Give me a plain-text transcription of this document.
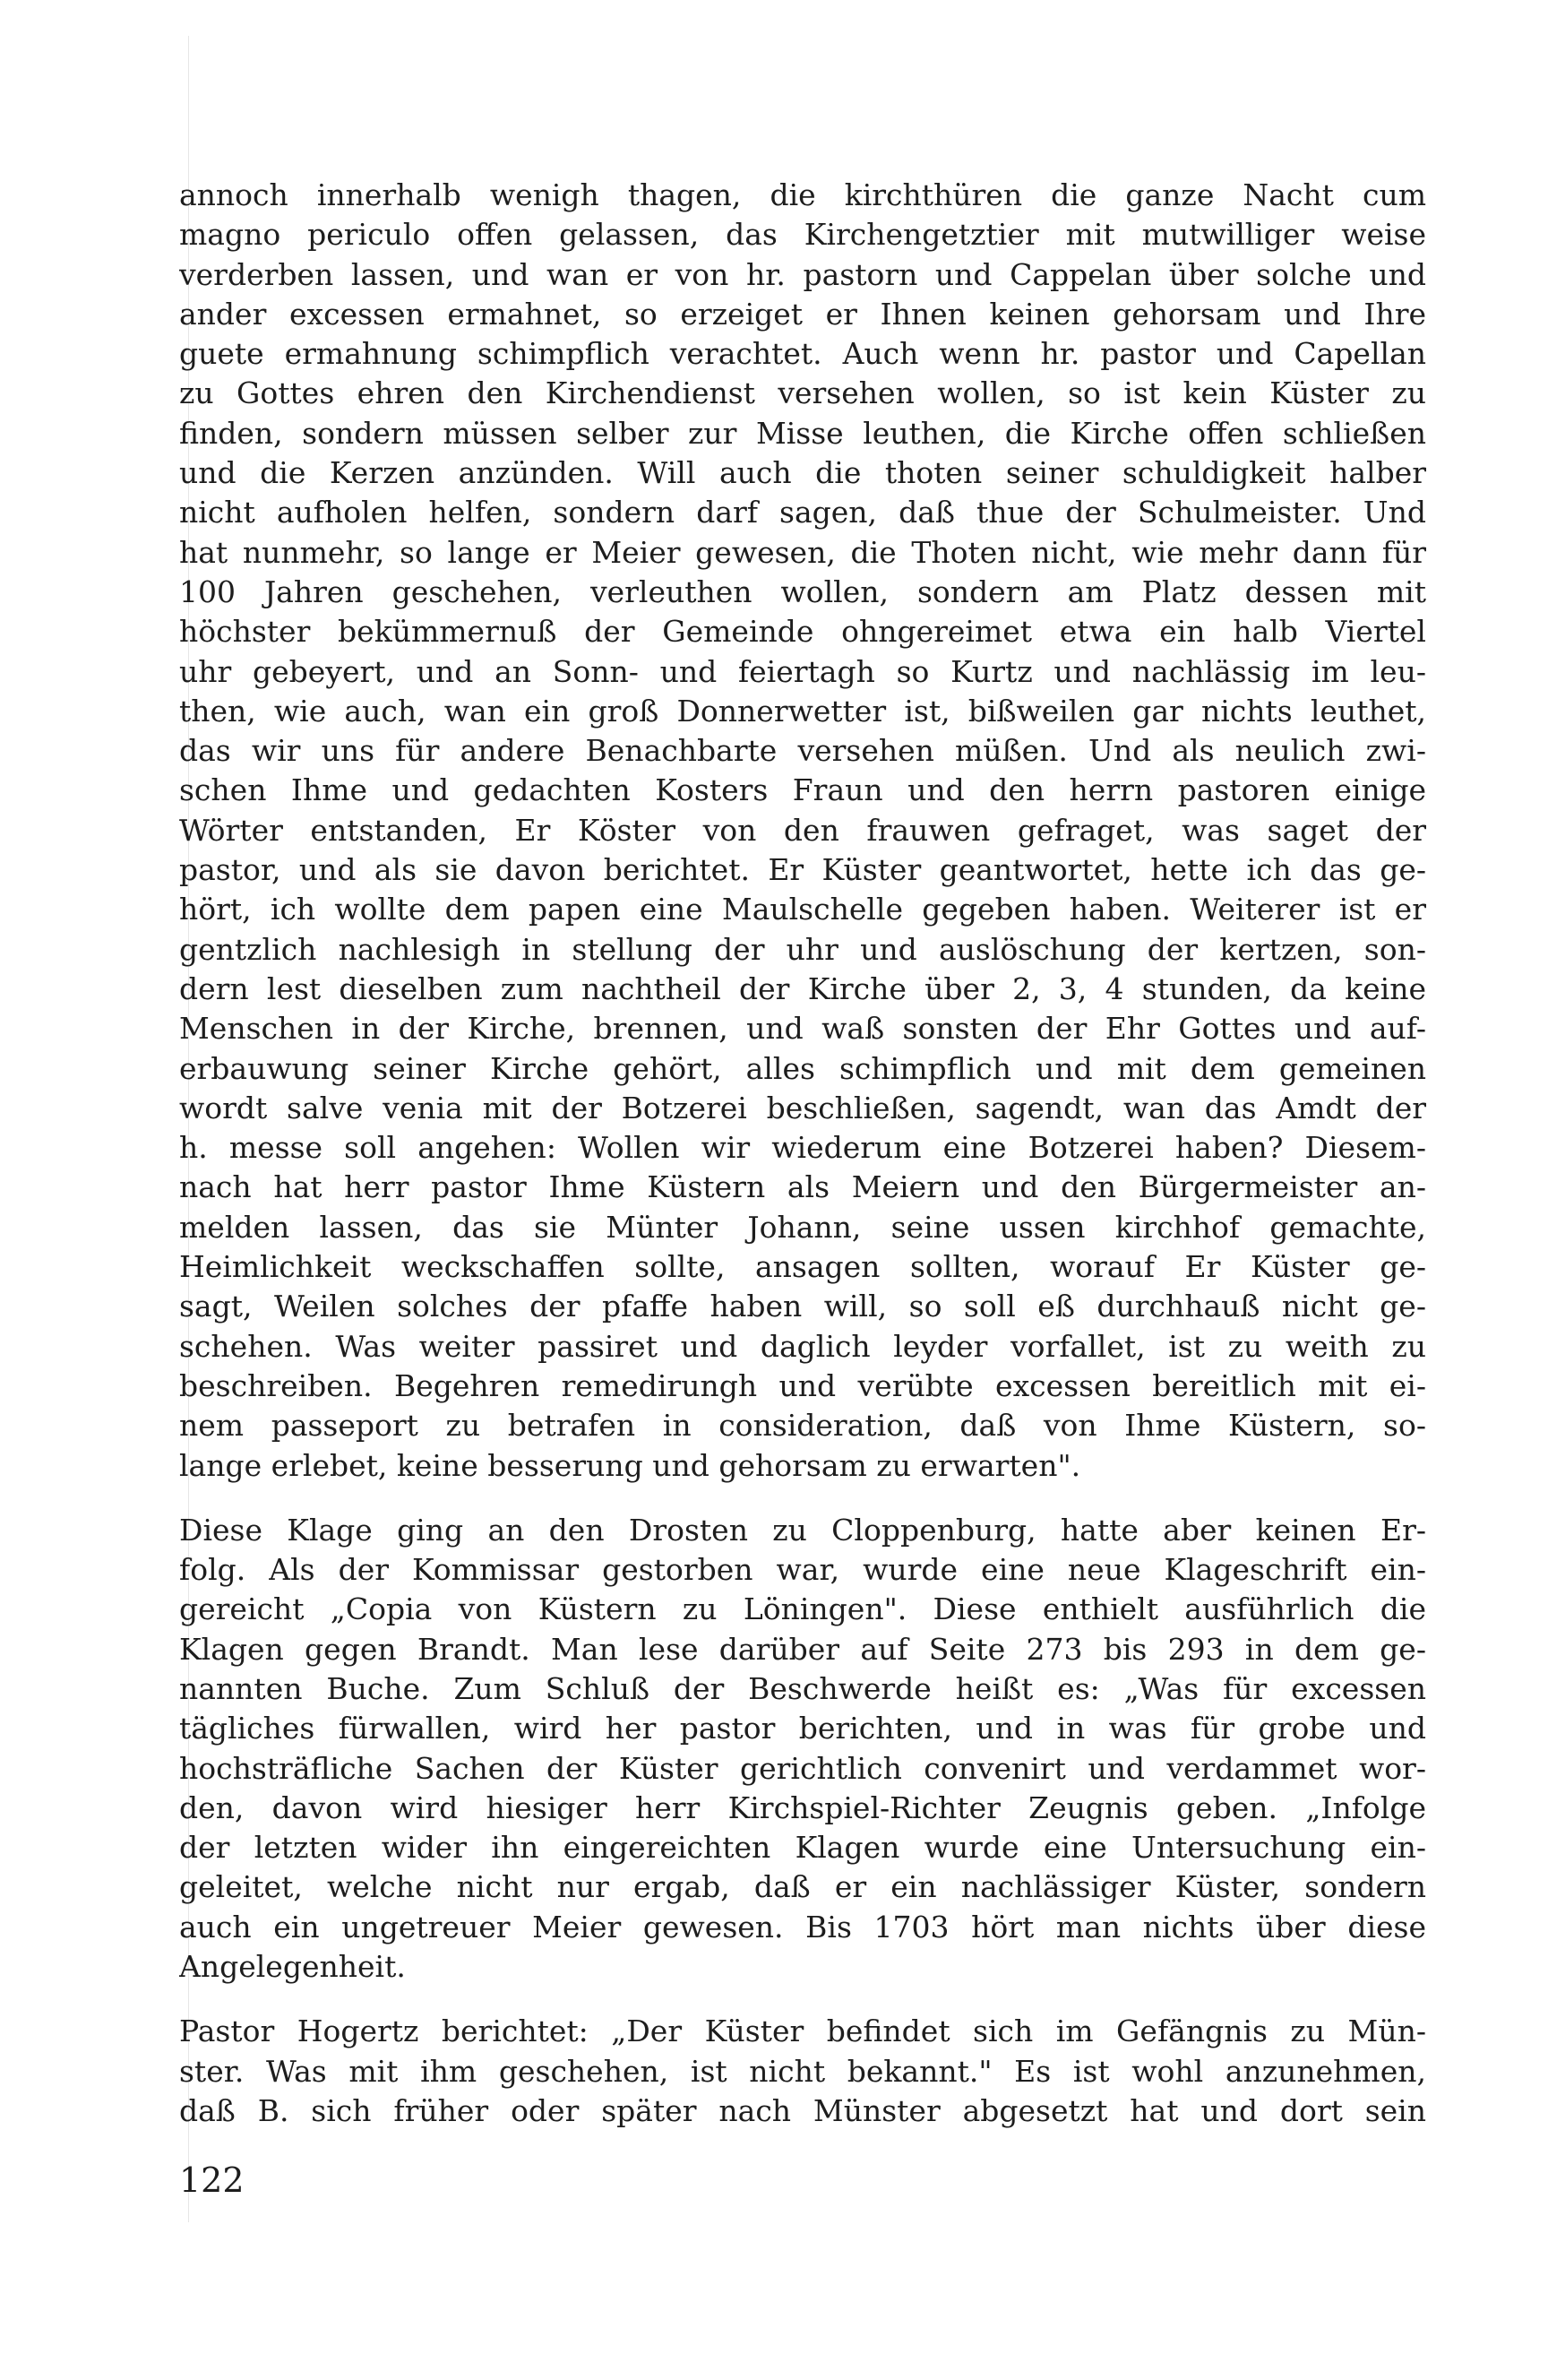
annoch innerhalb wenigh thagen, die kirchthüren die ganze Nacht cum
magno periculo offen gelassen, das Kirchengetztier mit mutwilliger weise
verderben lassen, und wan er von hr. pastorn und Cappelan über solche und
ander excessen ermahnet, so erzeiget er Ihnen keinen gehorsam und Ihre
guete ermahnung schimpflich verachtet. Auch wenn hr. pastor und Capellan
zu Gottes ehren den Kirchendienst versehen wollen, so ist kein Küster zu
finden, sondern müssen selber zur Misse leuthen, die Kirche offen schließen
und die Kerzen anzünden. Will auch die thoten seiner schuldigkeit halber
nicht aufholen helfen, sondern darf sagen, daß thue der Schulmeister. Und
hat nunmehr, so lange er Meier gewesen, die Thoten nicht, wie mehr dann für
100 Jahren geschehen, verleuthen wollen, sondern am Platz dessen mit
höchster bekümmernuß der Gemeinde ohngereimet etwa ein halb Viertel
uhr gebeyert, und an Sonn- und feiertagh so Kurtz und nachlässig im leu-
then, wie auch, wan ein groß Donnerwetter ist, bißweilen gar nichts leuthet,
das wir uns für andere Benachbarte versehen müßen. Und als neulich zwi-
schen Ihme und gedachten Kosters Fraun und den herrn pastoren einige
Wörter entstanden, Er Köster von den frauwen gefraget, was saget der
pastor, und als sie davon berichtet. Er Küster geantwortet, hette ich das ge-
hört, ich wollte dem papen eine Maulschelle gegeben haben. Weiterer ist er
gentzlich nachlesigh in stellung der uhr und auslöschung der kertzen, son-
dern lest dieselben zum nachtheil der Kirche über 2, 3, 4 stunden, da keine
Menschen in der Kirche, brennen, und waß sonsten der Ehr Gottes und auf-
erbauwung seiner Kirche gehört, alles schimpflich und mit dem gemeinen
wordt salve venia mit der Botzerei beschließen, sagendt, wan das Amdt der
h. messe soll angehen: Wollen wir wiederum eine Botzerei haben? Diesem-
nach hat herr pastor Ihme Küstern als Meiern und den Bürgermeister an-
melden lassen, das sie Münter Johann, seine ussen kirchhof gemachte,
Heimlichkeit weckschaffen sollte, ansagen sollten, worauf Er Küster ge-
sagt, Weilen solches der pfaffe haben will, so soll eß durchhauß nicht ge-
schehen. Was weiter passiret und daglich leyder vorfallet, ist zu weith zu
beschreiben. Begehren remedirungh und verübte excessen bereitlich mit ei-
nem passeport zu betrafen in consideration, daß von Ihme Küstern, so-
lange erlebet, keine besserung und gehorsam zu erwarten".
Diese Klage ging an den Drosten zu Cloppenburg, hatte aber keinen Er-
folg. Als der Kommissar gestorben war, wurde eine neue Klageschrift ein-
gereicht „Copia von Küstern zu Löningen". Diese enthielt ausführlich die
Klagen gegen Brandt. Man lese darüber auf Seite 273 bis 293 in dem ge-
nannten Buche. Zum Schluß der Beschwerde heißt es: „Was für excessen
tägliches fürwallen, wird her pastor berichten, und in was für grobe und
hochsträfliche Sachen der Küster gerichtlich convenirt und verdammet wor-
den, davon wird hiesiger herr Kirchspiel-Richter Zeugnis geben. „Infolge
der letzten wider ihn eingereichten Klagen wurde eine Untersuchung ein-
geleitet, welche nicht nur ergab, daß er ein nachlässiger Küster, sondern
auch ein ungetreuer Meier gewesen. Bis 1703 hört man nichts über diese
Angelegenheit.
Pastor Hogertz berichtet: „Der Küster befindet sich im Gefängnis zu Mün-
ster. Was mit ihm geschehen, ist nicht bekannt." Es ist wohl anzunehmen,
daß B. sich früher oder später nach Münster abgesetzt hat und dort sein
122
